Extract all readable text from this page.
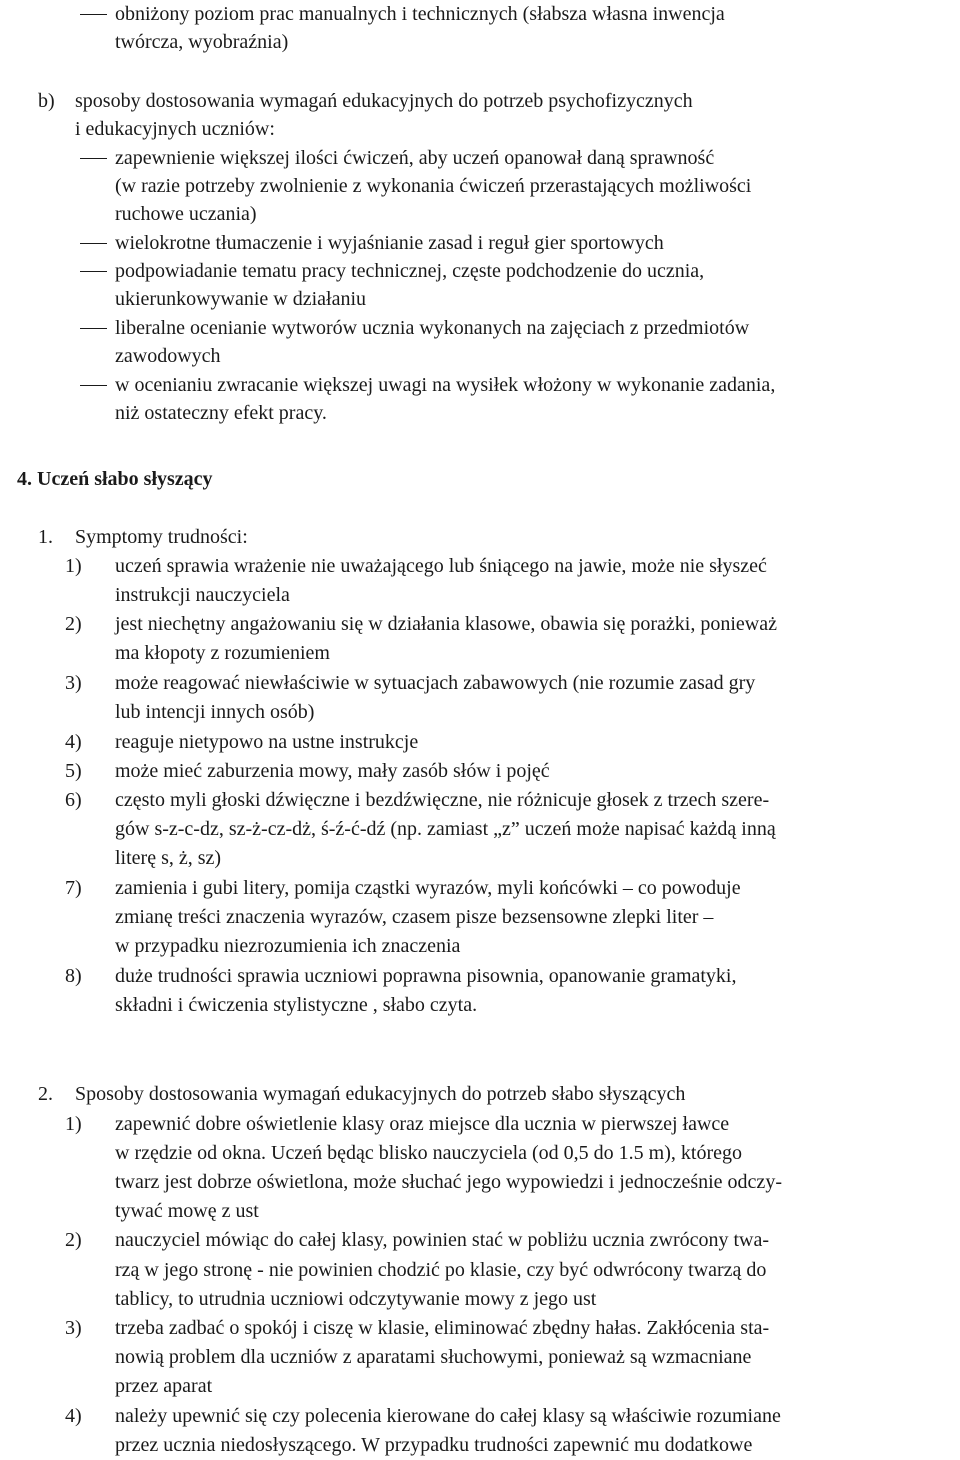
obniżony poziom prac manualnych i technicznych (słabsza własna inwencja
twórcza, wyobraźnia)
b) sposoby dostosowania wymagań edukacyjnych do potrzeb psychofizycznych
i edukacyjnych uczniów:
zapewnienie większej ilości ćwiczeń, aby uczeń opanował daną sprawność
(w razie potrzeby zwolnienie z wykonania ćwiczeń przerastających możliwości
ruchowe uczania)
wielokrotne tłumaczenie i wyjaśnianie zasad i reguł gier sportowych
podpowiadanie tematu pracy technicznej, częste podchodzenie do ucznia,
ukierunkowywanie w działaniu
liberalne ocenianie wytworów ucznia wykonanych na zajęciach z przedmiotów
zawodowych
w ocenianiu zwracanie większej uwagi na wysiłek włożony w wykonanie zadania,
niż ostateczny efekt pracy.
4. Uczeń słabo słyszący
1. Symptomy trudności:
1) uczeń sprawia wrażenie nie uważającego lub śniącego na jawie, może nie słyszeć
instrukcji nauczyciela
2) jest niechętny angażowaniu się w działania klasowe, obawia się porażki, ponieważ
ma kłopoty z rozumieniem
3) może reagować niewłaściwie w sytuacjach zabawowych (nie rozumie zasad gry
lub intencji innych osób)
4) reaguje nietypowo na ustne instrukcje
5) może mieć zaburzenia mowy, mały zasób słów i pojęć
6) często myli głoski dźwięczne i bezdźwięczne, nie różnicuje głosek z trzech szere-
gów s-z-c-dz, sz-ż-cz-dż, ś-ź-ć-dź (np. zamiast „z” uczeń może napisać każdą inną
literę s, ż, sz)
7) zamienia i gubi litery, pomija cząstki wyrazów, myli końcówki – co powoduje
zmianę treści znaczenia wyrazów, czasem pisze bezsensowne zlepki liter –
w przypadku niezrozumienia ich znaczenia
8) duże trudności sprawia uczniowi poprawna pisownia, opanowanie gramatyki,
składni i ćwiczenia stylistyczne , słabo czyta.
2. Sposoby dostosowania wymagań edukacyjnych do potrzeb słabo słyszących
1) zapewnić dobre oświetlenie klasy oraz miejsce dla ucznia w pierwszej ławce
w rzędzie od okna. Uczeń będąc blisko nauczyciela (od 0,5 do 1.5 m), którego
twarz jest dobrze oświetlona, może słuchać jego wypowiedzi i jednocześnie odczy-
tywać mowę z ust
2) nauczyciel mówiąc do całej klasy, powinien stać w pobliżu ucznia zwrócony twa-
rzą w jego stronę - nie powinien chodzić po klasie, czy być odwrócony twarzą do
tablicy, to utrudnia uczniowi odczytywanie mowy z jego ust
3) trzeba zadbać o spokój i ciszę w klasie, eliminować zbędny hałas. Zakłócenia sta-
nowią problem dla uczniów z aparatami słuchowymi, ponieważ są wzmacniane
przez aparat
4) należy upewnić się czy polecenia kierowane do całej klasy są właściwie rozumiane
przez ucznia niedosłyszącego. W przypadku trudności zapewnić mu dodatkowe
